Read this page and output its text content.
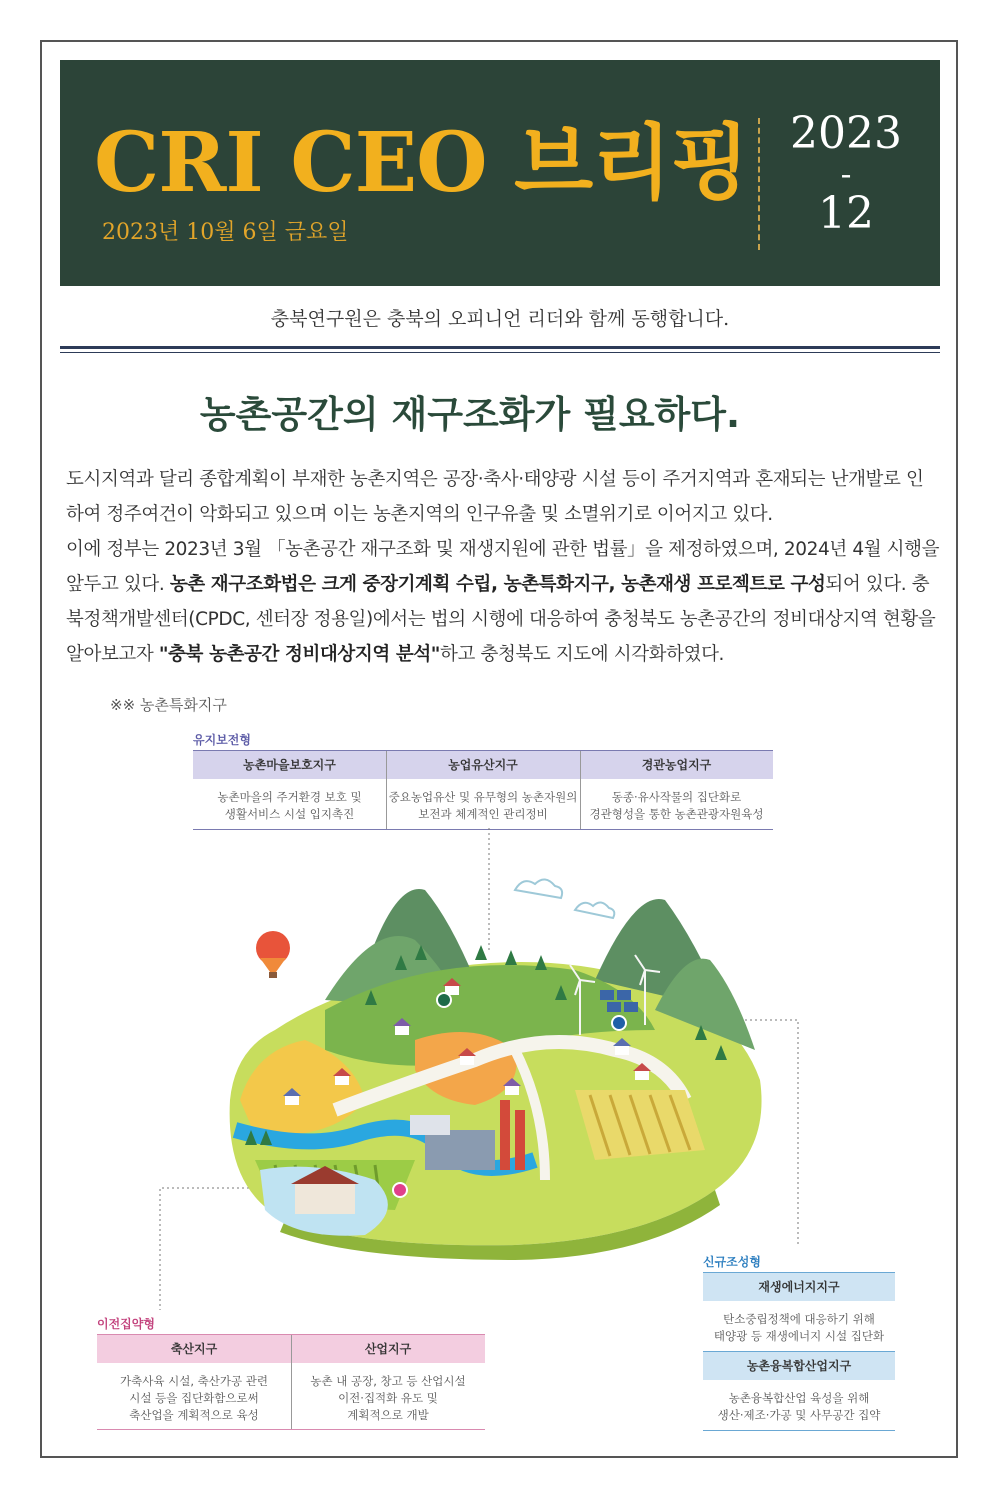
CRI CEO 브리핑
2023년 10월 6일 금요일
2023
-
12
충북연구원은 충북의 오피니언 리더와 함께 동행합니다.
농촌공간의 재구조화가 필요하다.

도시지역과 달리 종합계획이 부재한 농촌지역은 공장·축사·태양광 시설 등이 주거지역과 혼재되는 난개발로 인하여 정주여건이 악화되고 있으며 이는 농촌지역의 인구유출 및 소멸위기로 이어지고 있다.

이에 정부는 2023년 3월 「농촌공간 재구조화 및 재생지원에 관한 법률」을 제정하였으며, 2024년 4월 시행을 앞두고 있다. 농촌 재구조화법은 크게 중장기계획 수립, 농촌특화지구, 농촌재생 프로젝트로 구성되어 있다. 충북정책개발센터(CPDC, 센터장 정용일)에서는 법의 시행에 대응하여 충청북도 농촌공간의 정비대상지역 현황을 알아보고자 "충북 농촌공간 정비대상지역 분석"하고 충청북도 지도에 시각화하였다.

※※ 농촌특화지구
유지보전형
농촌마을보호지구
농촌마을의 주거환경 보호 및
생활서비스 시설 입지촉진
농업유산지구
중요농업유산 및 유무형의 농촌자원의
보전과 체계적인 관리정비
경관농업지구
동종·유사작물의 집단화로
경관형성을 통한 농촌관광자원육성
신규조성형
재생에너지지구
탄소중립정책에 대응하기 위해
태양광 등 재생에너지 시설 집단화
농촌융복합산업지구
농촌융복합산업 육성을 위해
생산·제조·가공 및 사무공간 집약
이전집약형
축산지구
가축사육 시설, 축산가공 관련
시설 등을 집단화함으로써
축산업을 계획적으로 육성
산업지구
농촌 내 공장, 창고 등 산업시설
이전·집적화 유도 및
계획적으로 개발
